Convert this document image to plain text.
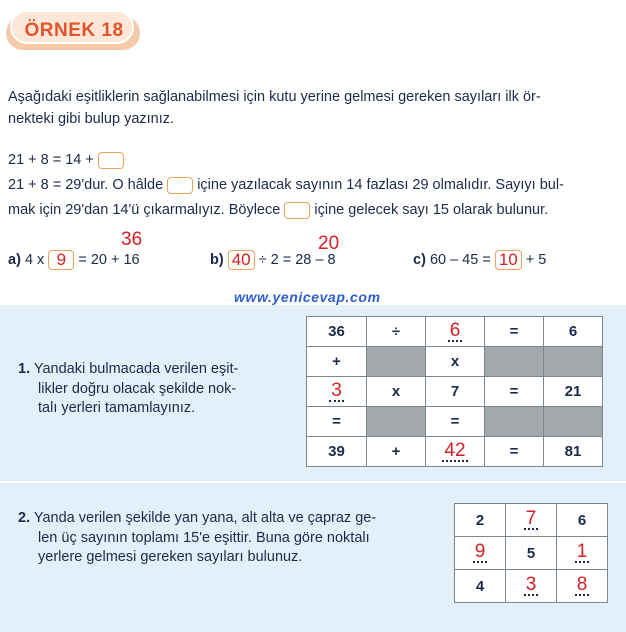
ÖRNEK 18
Aşağıdaki eşitliklerin sağlanabilmesi için kutu yerine gelmesi gereken sayıları ilk ör-
nekteki gibi bulup yazınız.
21 + 8 = 14 +
21 + 8 = 29'dur. O hâlde içine yazılacak sayının 14 fazlası 29 olmalıdır. Sayıyı bul-
mak için 29'dan 14'ü çıkarmalıyız. Böylece içine gelecek sayı 15 olarak bulunur.
36	20
a) 4 x 9 = 20 + 16	b) 40 ÷ 2 = 28 – 8	c) 60 – 45 = 10 + 5
www.yenicevap.com
1. Yandaki bulmacada verilen eşit-
likler doğru olacak şekilde nok-
talı yerleri tamamlayınız.
36	÷	6	=	6
+		x		
3	x	7	=	21
=		=		
39	+	42	=	81
2. Yanda verilen şekilde yan yana, alt alta ve çapraz ge-
len üç sayının toplamı 15'e eşittir. Buna göre noktalı
yerlere gelmesi gereken sayıları bulunuz.
2	7	6
9	5	1
4	3	8
